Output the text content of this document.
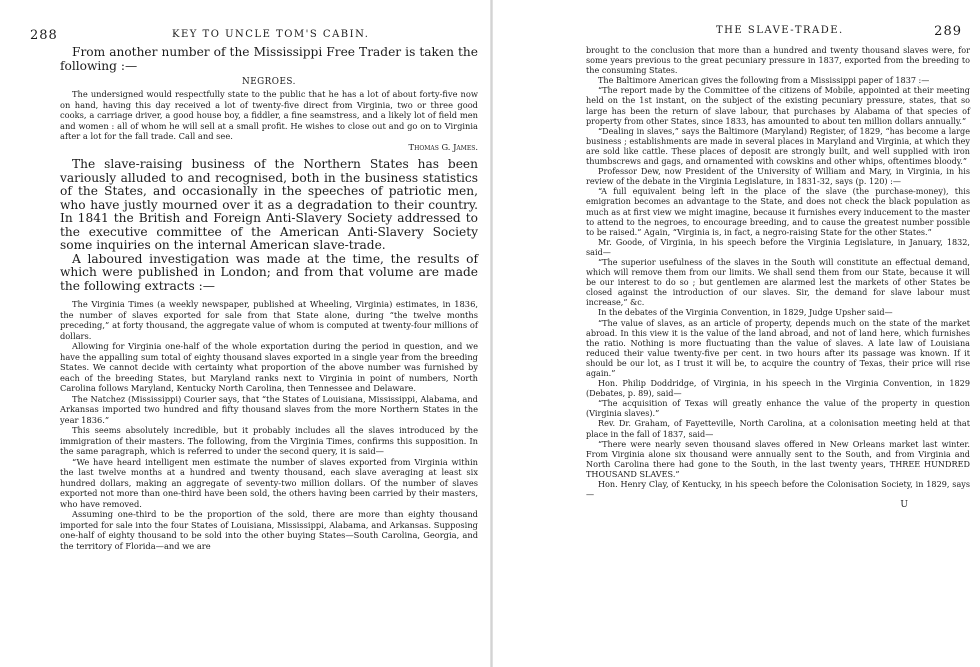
288	KEY TO UNCLE TOM'S CABIN.

From another number of the Mississippi Free Trader is taken the following :—

NEGROES.

The undersigned would respectfully state to the public that he has a lot of about forty-five now on hand, having this day received a lot of twenty-five direct from Virginia, two or three good cooks, a carriage driver, a good house boy, a fiddler, a fine seamstress, and a likely lot of field men and women : all of whom he will sell at a small profit. He wishes to close out and go on to Virginia after a lot for the fall trade. Call and see.

Thomas G. James.

The slave-raising business of the Northern States has been variously alluded to and recognised, both in the business statistics of the States, and occasionally in the speeches of patriotic men, who have justly mourned over it as a degradation to their country. In 1841 the British and Foreign Anti-Slavery Society addressed to the executive committee of the American Anti-Slavery Society some inquiries on the internal American slave-trade.

A laboured investigation was made at the time, the results of which were published in London; and from that volume are made the following extracts :—

The Virginia Times (a weekly newspaper, published at Wheeling, Virginia) estimates, in 1836, the number of slaves exported for sale from that State alone, during “the twelve months preceding,” at forty thousand, the aggregate value of whom is computed at twenty-four millions of dollars.

Allowing for Virginia one-half of the whole exportation during the period in question, and we have the appalling sum total of eighty thousand slaves exported in a single year from the breeding States. We cannot decide with certainty what proportion of the above number was furnished by each of the breeding States, but Maryland ranks next to Virginia in point of numbers, North Carolina follows Maryland, Kentucky North Carolina, then Tennessee and Delaware.

The Natchez (Mississippi) Courier says, that “the States of Louisiana, Mississippi, Alabama, and Arkansas imported two hundred and fifty thousand slaves from the more Northern States in the year 1836.”

This seems absolutely incredible, but it probably includes all the slaves introduced by the immigration of their masters. The following, from the Virginia Times, confirms this supposition. In the same paragraph, which is referred to under the second query, it is said—

“We have heard intelligent men estimate the number of slaves exported from Virginia within the last twelve months at a hundred and twenty thousand, each slave averaging at least six hundred dollars, making an aggregate of seventy-two million dollars. Of the number of slaves exported not more than one-third have been sold, the others having been carried by their masters, who have removed.

Assuming one-third to be the proportion of the sold, there are more than eighty thousand imported for sale into the four States of Louisiana, Mississippi, Alabama, and Arkansas. Supposing one-half of eighty thousand to be sold into the other buying States—South Carolina, Georgia, and the territory of Florida—and we are

THE SLAVE-TRADE.	289

brought to the conclusion that more than a hundred and twenty thousand slaves were, for some years previous to the great pecuniary pressure in 1837, exported from the breeding to the consuming States.

The Baltimore American gives the following from a Mississippi paper of 1837 :—

“The report made by the Committee of the citizens of Mobile, appointed at their meeting held on the 1st instant, on the subject of the existing pecuniary pressure, states, that so large has been the return of slave labour, that purchases by Alabama of that species of property from other States, since 1833, has amounted to about ten million dollars annually.”

“Dealing in slaves,” says the Baltimore (Maryland) Register, of 1829, “has become a large business ; establishments are made in several places in Maryland and Virginia, at which they are sold like cattle. These places of deposit are strongly built, and well supplied with iron thumbscrews and gags, and ornamented with cowskins and other whips, oftentimes bloody.”

Professor Dew, now President of the University of William and Mary, in Virginia, in his review of the debate in the Virginia Legislature, in 1831-32, says (p. 120) :—

“A full equivalent being left in the place of the slave (the purchase-money), this emigration becomes an advantage to the State, and does not check the black population as much as at first view we might imagine, because it furnishes every inducement to the master to attend to the negroes, to encourage breeding, and to cause the greatest number possible to be raised.” Again, “Virginia is, in fact, a negro-raising State for the other States.”

Mr. Goode, of Virginia, in his speech before the Virginia Legislature, in January, 1832, said—

“The superior usefulness of the slaves in the South will constitute an effectual demand, which will remove them from our limits. We shall send them from our State, because it will be our interest to do so ; but gentlemen are alarmed lest the markets of other States be closed against the introduction of our slaves. Sir, the demand for slave labour must increase,” &c.

In the debates of the Virginia Convention, in 1829, Judge Upsher said—

“The value of slaves, as an article of property, depends much on the state of the market abroad. In this view it is the value of the land abroad, and not of land here, which furnishes the ratio. Nothing is more fluctuating than the value of slaves. A late law of Louisiana reduced their value twenty-five per cent. in two hours after its passage was known. If it should be our lot, as I trust it will be, to acquire the country of Texas, their price will rise again.”

Hon. Philip Doddridge, of Virginia, in his speech in the Virginia Convention, in 1829 (Debates, p. 89), said—

“The acquisition of Texas will greatly enhance the value of the property in question (Virginia slaves).”

Rev. Dr. Graham, of Fayetteville, North Carolina, at a colonisation meeting held at that place in the fall of 1837, said—

“There were nearly seven thousand slaves offered in New Orleans market last winter. From Virginia alone six thousand were annually sent to the South, and from Virginia and North Carolina there had gone to the South, in the last twenty years, THREE HUNDRED THOUSAND SLAVES.”

Hon. Henry Clay, of Kentucky, in his speech before the Colonisation Society, in 1829, says—

U
